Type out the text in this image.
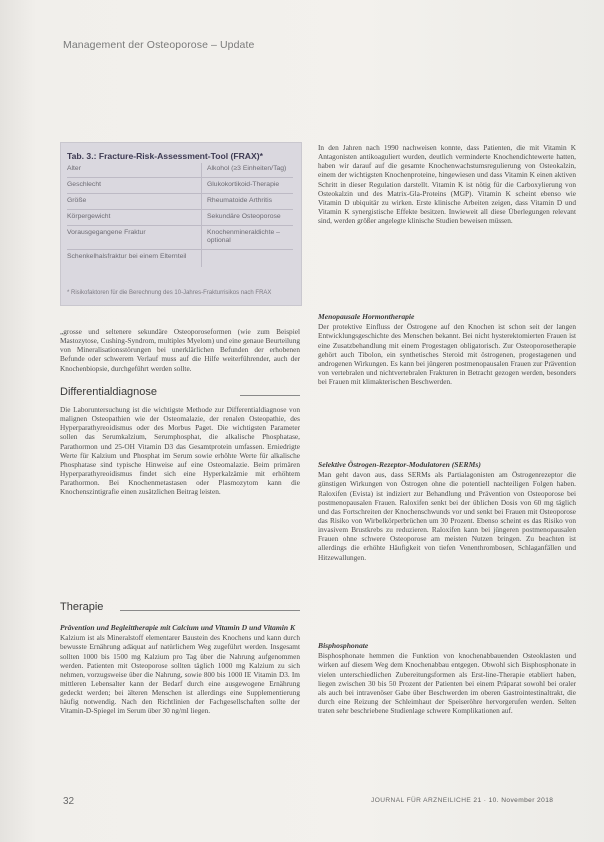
Management der Osteoporose – Update
Tab. 3.: Fracture-Risk-Assessment-Tool (FRAX)*
Alter	Alkohol (≥3 Einheiten/Tag)
Geschlecht	Glukokortikoid-Therapie
Größe	Rheumatoide Arthritis
Körpergewicht	Sekundäre Osteoporose
Vorausgegangene Fraktur	Knochenmineraldichte – optional
Schenkelhalsfraktur bei einem Elternteil
* Risikofaktoren für die Berechnung des 10-Jahres-Frakturrisikos nach FRAX

„grosse und seltenere sekundäre Osteoporoseformen (wie zum Beispiel Mastozytose, Cushing-Syndrom, multiples Myelom) und eine genaue Beurteilung von Mineralisationsstörungen bei unerklärlichen Befunden der erhobenen Befunde oder schwerem Verlauf muss auf die Hilfe weiterführender, auch der Knochenbiopsie, durchgeführt werden sollte.

Differentialdiagnose

Die Laboruntersuchung ist die wichtigste Methode zur Differentialdiagnose von malignen Osteopathien wie der Osteomalazie, der renalen Osteopathie, des Hyperparathyreoidismus oder des Morbus Paget. Die wichtigsten Parameter sollen das Serumkalzium, Serumphosphat, die alkalische Phosphatase, Parathormon und 25-OH Vitamin D3 das Gesamtprotein umfassen. Erniedrigte Werte für Kalzium und Phosphat im Serum sowie erhöhte Werte für alkalische Phosphatase sind typische Hinweise auf eine Osteomalazie. Beim primären Hyperparathyreoidismus findet sich eine Hyperkalzämie mit erhöhtem Parathormon. Bei Knochenmetastasen oder Plasmozytom kann die Knochenszintigrafie einen zusätzlichen Beitrag leisten.

Therapie

Prävention und Begleittherapie mit Calcium und Vitamin D und Vitamin K

Kalzium ist als Mineralstoff elementarer Baustein des Knochens und kann durch bewusste Ernährung adäquat auf natürlichem Weg zugeführt werden. Insgesamt sollten 1000 bis 1500 mg Kalzium pro Tag über die Nahrung aufgenommen werden. Patienten mit Osteoporose sollten täglich 1000 mg Kalzium zu sich nehmen, vorzugsweise über die Nahrung, sowie 800 bis 1000 IE Vitamin D3. Im mittleren Lebensalter kann der Bedarf durch eine ausgewogene Ernährung gedeckt werden; bei älteren Menschen ist allerdings eine Supplementierung häufig notwendig. Nach den Richtlinien der Fachgesellschaften sollte der Vitamin-D-Spiegel im Serum über 30 ng/ml liegen.

In den Jahren nach 1990 nachweisen konnte, dass Patienten, die mit Vitamin K Antagonisten antikoaguliert wurden, deutlich verminderte Knochendichtewerte hatten, haben wir darauf auf die gesamte Knochenwachstumsregulierung von Osteokalzin, einem der wichtigsten Knochenproteine, hingewiesen und dass Vitamin K einen aktiven Schritt in dieser Regulation darstellt. Vitamin K ist nötig für die Carboxylierung von Osteokalzin und des Matrix-Gla-Proteins (MGP). Vitamin K scheint ebenso wie Vitamin D ubiquitär zu wirken. Erste klinische Arbeiten zeigen, dass Vitamin D und Vitamin K synergistische Effekte besitzen. Inwieweit all diese Überlegungen relevant sind, werden größer angelegte klinische Studien beweisen müssen.

Menopausale Hormontherapie

Der protektive Einfluss der Östrogene auf den Knochen ist schon seit der langen Entwicklungsgeschichte des Menschen bekannt. Bei nicht hysterektomierten Frauen ist eine Zusatzbehandlung mit einem Progestagen obligatorisch. Zur Osteoporosetherapie gehört auch Tibolon, ein synthetisches Steroid mit östrogenen, progestagenen und androgenen Wirkungen. Es kann bei jüngeren postmenopausalen Frauen zur Prävention von vertebralen und nichtvertebralen Frakturen in Betracht gezogen werden, besonders bei Frauen mit klimakterischen Beschwerden.

Selektive Östrogen-Rezeptor-Modulatoren (SERMs)

Man geht davon aus, dass SERMs als Partialagonisten am Östrogenrezeptor die günstigen Wirkungen von Östrogen ohne die potentiell nachteiligen Folgen haben. Raloxifen (Evista) ist indiziert zur Behandlung und Prävention von Osteoporose bei postmenopausalen Frauen. Raloxifen senkt bei der üblichen Dosis von 60 mg täglich und das Fortschreiten der Knochenschwunds vor und senkt bei Frauen mit Osteoporose das Risiko von Wirbelkörperbrüchen um 30 Prozent. Ebenso scheint es das Risiko von invasivem Brustkrebs zu reduzieren. Raloxifen kann bei jüngeren postmenopausalen Frauen ohne schwere Osteoporose am meisten Nutzen bringen. Zu beachten ist allerdings die erhöhte Häufigkeit von tiefen Venenthrombosen, Schlaganfällen und Hitzewallungen.

Bisphosphonate

Bisphosphonate hemmen die Funktion von knochenabbauenden Osteoklasten und wirken auf diesem Weg dem Knochenabbau entgegen. Obwohl sich Bisphosphonate in vielen unterschiedlichen Zubereitungsformen als Erst-line-Therapie etabliert haben, liegen zwischen 30 bis 50 Prozent der Patienten bei einem Präparat sowohl bei oraler als auch bei intravenöser Gabe über Beschwerden im oberen Gastrointestinaltrakt, die durch eine Reizung der Schleimhaut der Speiseröhre hervorgerufen werden. Selten traten sehr beschriebene Studienlage schwere Komplikationen auf.

32	JOURNAL FÜR ARZNEILICHE 21 · 10. November 2018
